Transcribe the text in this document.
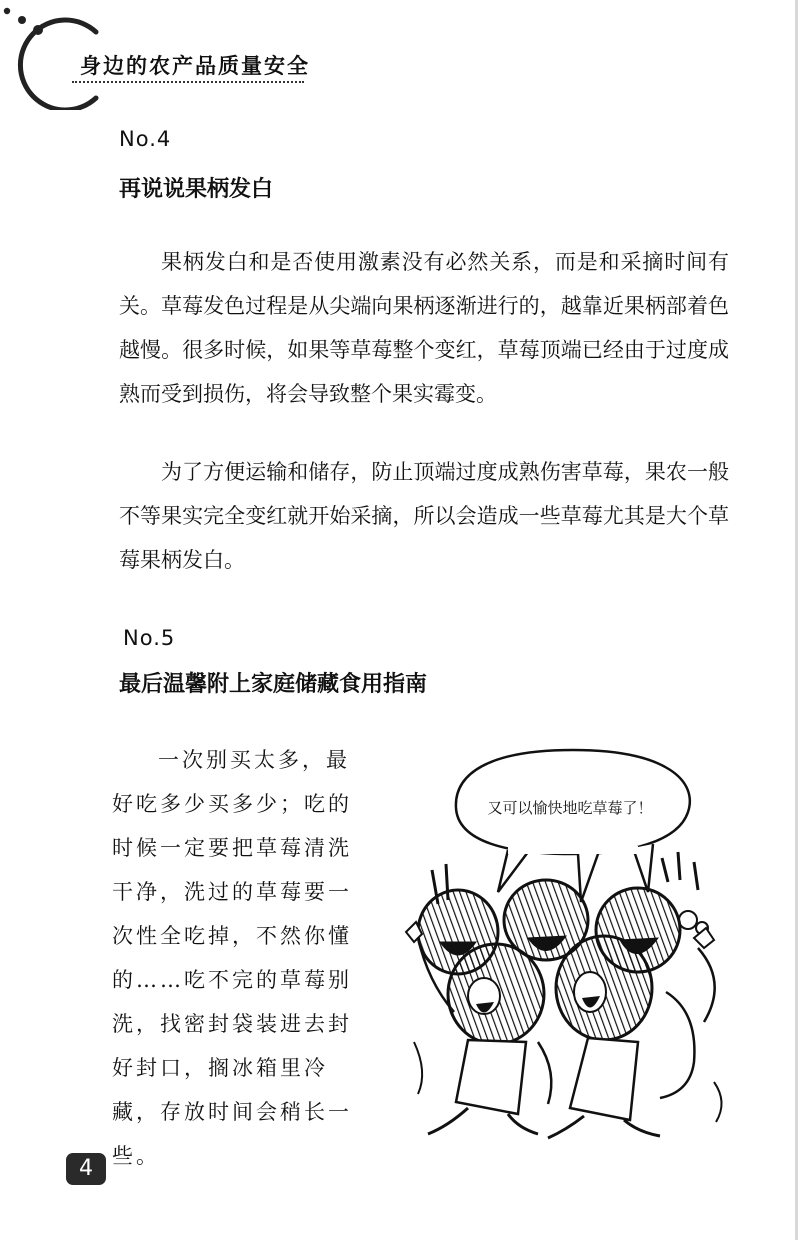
身边的农产品质量安全
No.4
再说说果柄发白

果柄发白和是否使用激素没有必然关系，而是和采摘时间有关。草莓发色过程是从尖端向果柄逐渐进行的，越靠近果柄部着色越慢。很多时候，如果等草莓整个变红，草莓顶端已经由于过度成熟而受到损伤，将会导致整个果实霉变。

为了方便运输和储存，防止顶端过度成熟伤害草莓，果农一般不等果实完全变红就开始采摘，所以会造成一些草莓尤其是大个草莓果柄发白。

No.5
最后温馨附上家庭储藏食用指南

一次别买太多，最好吃多少买多少；吃的时候一定要把草莓清洗干净，洗过的草莓要一次性全吃掉，不然你懂的……吃不完的草莓别洗，找密封袋装进去封好封口，搁冰箱里冷藏，存放时间会稍长一些。

又可以愉快地吃草莓了！
4
